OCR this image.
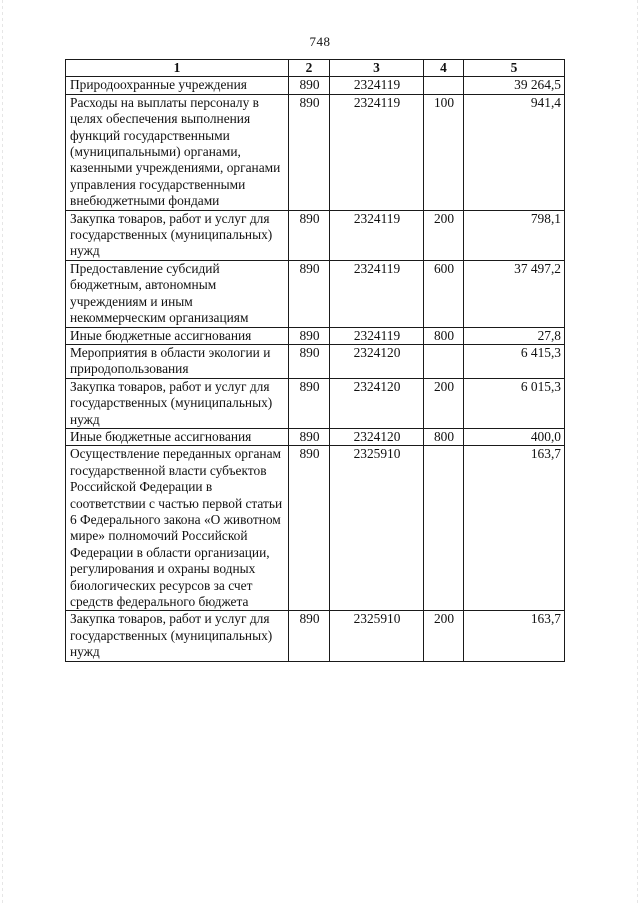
748
1	2	3	4	5
Природоохранные учреждения	890	2324119		39 264,5
Расходы на выплаты персоналу в целях обеспечения выполнения функций государственными (муниципальными) органами, казенными учреждениями, органами управления государственными внебюджетными фондами	890	2324119	100	941,4
Закупка товаров, работ и услуг для государственных (муниципальных) нужд	890	2324119	200	798,1
Предоставление субсидий бюджетным, автономным учреждениям и иным некоммерческим организациям	890	2324119	600	37 497,2
Иные бюджетные ассигнования	890	2324119	800	27,8
Мероприятия в области экологии и природопользования	890	2324120		6 415,3
Закупка товаров, работ и услуг для государственных (муниципальных) нужд	890	2324120	200	6 015,3
Иные бюджетные ассигнования	890	2324120	800	400,0
Осуществление переданных органам государственной власти субъектов Российской Федерации в соответствии с частью первой статьи 6 Федерального закона «О животном мире» полномочий Российской Федерации в области организации, регулирования и охраны водных биологических ресурсов за счет средств федерального бюджета	890	2325910		163,7
Закупка товаров, работ и услуг для государственных (муниципальных) нужд	890	2325910	200	163,7
